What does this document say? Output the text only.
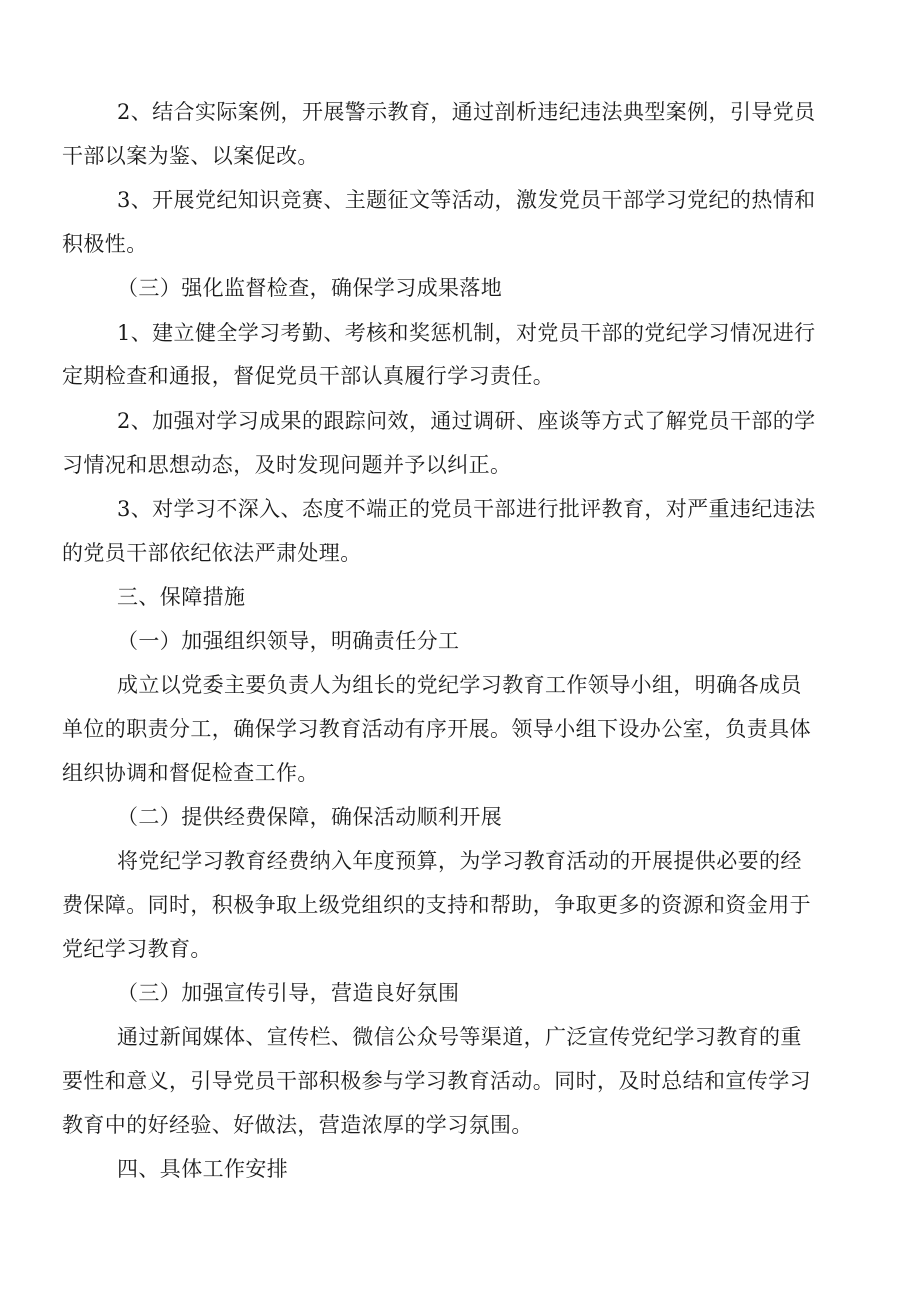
2、结合实际案例，开展警示教育，通过剖析违纪违法典型案例，引导党员
干部以案为鉴、以案促改。
3、开展党纪知识竞赛、主题征文等活动，激发党员干部学习党纪的热情和
积极性。
（三）强化监督检查，确保学习成果落地
1、建立健全学习考勤、考核和奖惩机制，对党员干部的党纪学习情况进行
定期检查和通报，督促党员干部认真履行学习责任。
2、加强对学习成果的跟踪问效，通过调研、座谈等方式了解党员干部的学
习情况和思想动态，及时发现问题并予以纠正。
3、对学习不深入、态度不端正的党员干部进行批评教育，对严重违纪违法
的党员干部依纪依法严肃处理。
三、保障措施
（一）加强组织领导，明确责任分工
成立以党委主要负责人为组长的党纪学习教育工作领导小组，明确各成员
单位的职责分工，确保学习教育活动有序开展。领导小组下设办公室，负责具体
组织协调和督促检查工作。
（二）提供经费保障，确保活动顺利开展
将党纪学习教育经费纳入年度预算，为学习教育活动的开展提供必要的经
费保障。同时，积极争取上级党组织的支持和帮助，争取更多的资源和资金用于
党纪学习教育。
（三）加强宣传引导，营造良好氛围
通过新闻媒体、宣传栏、微信公众号等渠道，广泛宣传党纪学习教育的重
要性和意义，引导党员干部积极参与学习教育活动。同时，及时总结和宣传学习
教育中的好经验、好做法，营造浓厚的学习氛围。
四、具体工作安排
